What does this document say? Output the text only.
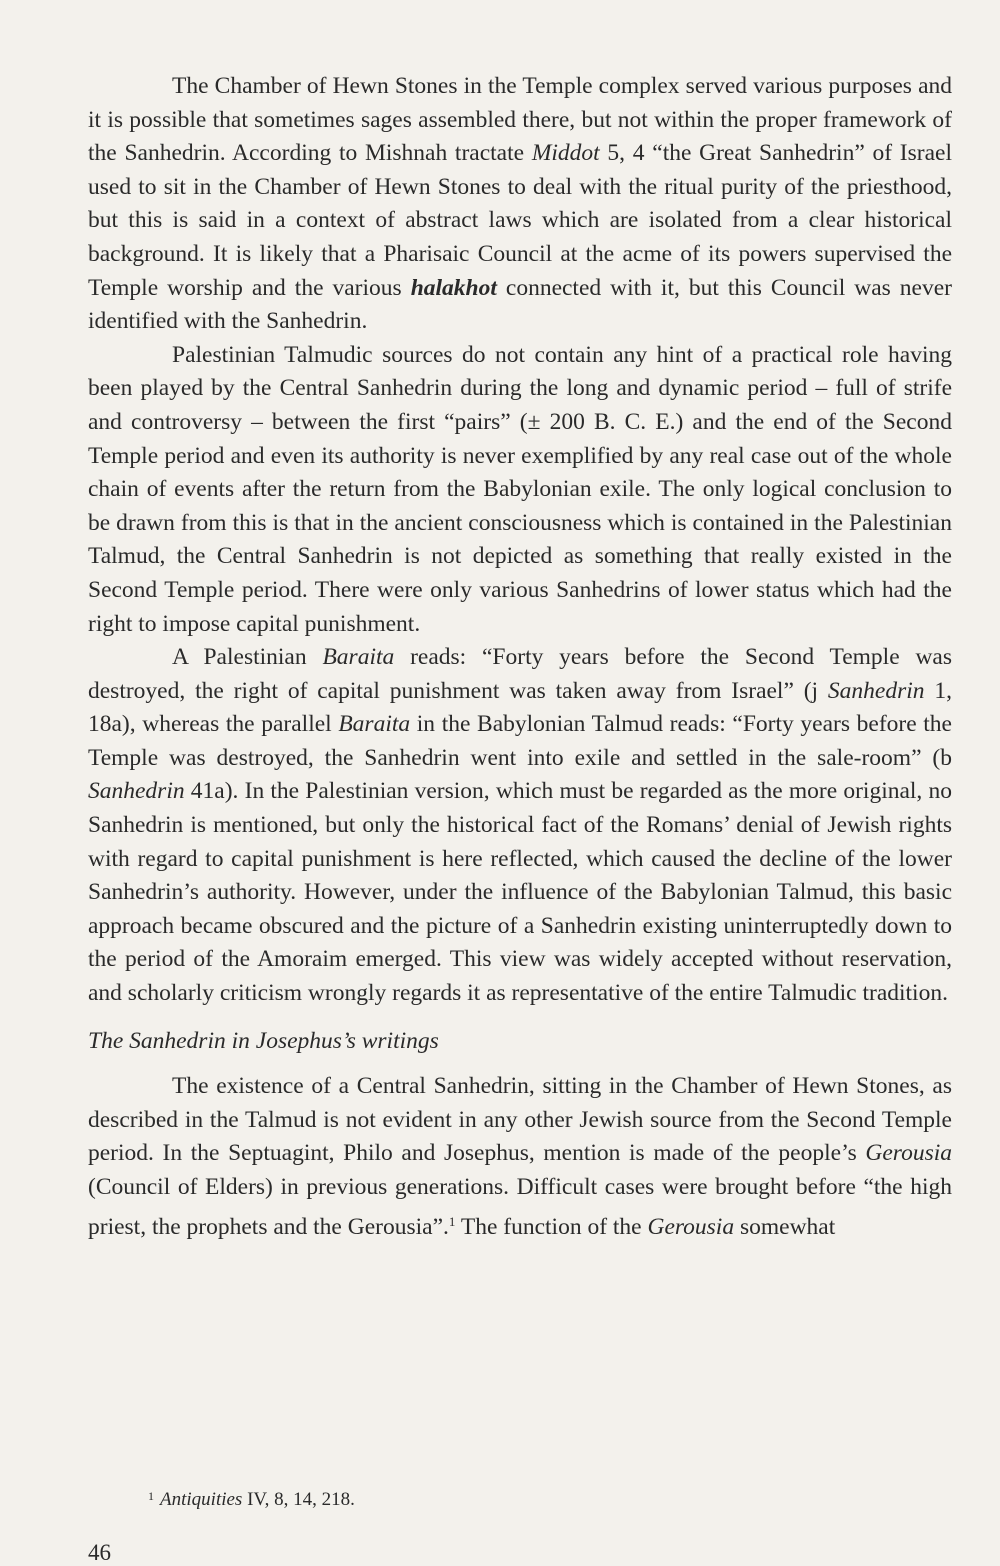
The Chamber of Hewn Stones in the Temple complex served various purposes and it is possible that sometimes sages assembled there, but not within the proper framework of the Sanhedrin. According to Mishnah tractate Middot 5, 4 “the Great Sanhedrin” of Israel used to sit in the Chamber of Hewn Stones to deal with the ritual purity of the priesthood, but this is said in a context of abstract laws which are isolated from a clear historical background. It is likely that a Pharisaic Council at the acme of its powers supervised the Temple worship and the various halakhot connected with it, but this Council was never identified with the Sanhedrin.

Palestinian Talmudic sources do not contain any hint of a practical role having been played by the Central Sanhedrin during the long and dynamic period – full of strife and controversy – between the first “pairs” (± 200 B. C. E.) and the end of the Second Temple period and even its authority is never exemplified by any real case out of the whole chain of events after the return from the Babylonian exile. The only logical conclusion to be drawn from this is that in the ancient consciousness which is contained in the Palestinian Talmud, the Central Sanhedrin is not depicted as something that really existed in the Second Temple period. There were only various Sanhedrins of lower status which had the right to impose capital punishment.

A Palestinian Baraita reads: “Forty years before the Second Temple was destroyed, the right of capital punishment was taken away from Israel” (j Sanhedrin 1, 18a), whereas the parallel Baraita in the Babylonian Talmud reads: “Forty years before the Temple was destroyed, the Sanhedrin went into exile and settled in the sale-room” (b Sanhedrin 41a). In the Palestinian version, which must be regarded as the more original, no Sanhedrin is mentioned, but only the historical fact of the Romans’ denial of Jewish rights with regard to capital punishment is here reflected, which caused the decline of the lower Sanhedrin’s authority. However, under the influence of the Babylonian Talmud, this basic approach became obscured and the picture of a Sanhedrin existing uninterruptedly down to the period of the Amoraim emerged. This view was widely accepted without reservation, and scholarly criticism wrongly regards it as representative of the entire Talmudic tradition.

The Sanhedrin in Josephus’s writings

The existence of a Central Sanhedrin, sitting in the Chamber of Hewn Stones, as described in the Talmud is not evident in any other Jewish source from the Second Temple period. In the Septuagint, Philo and Josephus, mention is made of the people’s Gerousia (Council of Elders) in previous generations. Difficult cases were brought before “the high priest, the prophets and the Gerousia”.$^1$ The function of the Gerousia somewhat

$^1$ Antiquities IV, 8, 14, 218.

46
